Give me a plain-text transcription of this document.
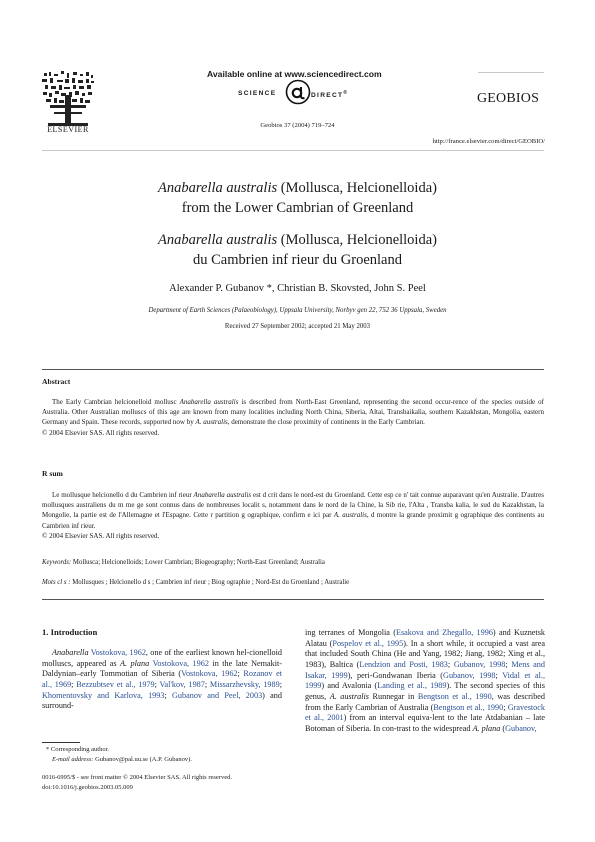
ELSEVIER
Available online at www.sciencedirect.com
SCIENCE	DIRECT®
Geobios 37 (2004) 719–724
GEOBIOS
http://france.elsevier.com/direct/GEOBIO/
Anabarella australis (Mollusca, Helcionelloida)
from the Lower Cambrian of Greenland
Anabarella australis (Mollusca, Helcionelloida)
du Cambrien inf rieur du Groenland
Alexander P. Gubanov *, Christian B. Skovsted, John S. Peel
Department of Earth Sciences (Palaeobiology), Uppsala University, Norbyv gen 22, 752 36 Uppsala, Sweden
Received 27 September 2002; accepted 21 May 2003
Abstract
The Early Cambrian helcionelloid mollusc Anabarella australis is described from North-East Greenland, representing the second occur-rence of the species outside of Australia. Other Australian molluscs of this age are known from many localities including North China, Siberia, Altai, Transbaikalia, southern Kazakhstan, Mongolia, eastern Germany and Spain. These records, supported now by A. australis, demonstrate the close proximity of continents in the Early Cambrian.
© 2004 Elsevier SAS. All rights reserved.
R sum
Le mollusque helcionello d du Cambrien inf rieur Anabarella australis est d crit dans le nord-est du Groenland. Cette esp ce n' tait connue auparavant qu'en Australie. D'autres mollusques australiens du m me ge sont connus dans de nombreuses localit s, notamment dans le nord de la Chine, la Sib rie, l'Alta , Transba kalia, le sud du Kazakhstan, la Mongolie, la partie est de l'Allemagne et l'Espagne. Cette r partition g ographique, confirm e ici par A. australis, d montre la grande proximit g ographique des continents au Cambrien inf rieur.
© 2004 Elsevier SAS. All rights reserved.
Keywords: Mollusca; Helcionelloids; Lower Cambrian; Biogeography; North-East Greenland; Australia
Mots cl s : Mollusques ; Helcionello d s ; Cambrien inf rieur ; Biog ographie ; Nord-Est du Groenland ; Australie
1. Introduction
Anabarella Vostokova, 1962, one of the earliest known hel-cionelloid molluscs, appeared as A. plana Vostokova, 1962 in the late Nemakit-Daldynian–early Tommotian of Siberia (Vostokova, 1962; Rozanov et al., 1969; Bezzubtsev et al., 1979; Val'kov, 1987; Missarzhevsky, 1989; Khomentovsky and Karlova, 1993; Gubanov and Peel, 2003) and surround-
ing terranes of Mongolia (Esakova and Zhegallo, 1996) and Kuznetsk Alatau (Pospelov et al., 1995). In a short while, it occupied a vast area that included South China (He and Yang, 1982; Jiang, 1982; Xing et al., 1983), Baltica (Lendzion and Posti, 1983; Gubanov, 1998; Mens and Isakar, 1999), peri-Gondwanan Iberia (Gubanov, 1998; Vidal et al., 1999) and Avalonia (Landing et al., 1989). The second species of this genus, A. australis Runnegar in Bengtson et al., 1990, was described from the Early Cambrian of Australia (Bengtson et al., 1990; Gravestock et al., 2001) from an interval equiva-lent to the late Atdabanian – late Botoman of Siberia. In con-trast to the widespread A. plana (Gubanov,
* Corresponding author.
E-mail address: Gubanov@pal.uu.se (A.P. Gubanov).
0016-6995/$ - see front matter © 2004 Elsevier SAS. All rights reserved.
doi:10.1016/j.geobios.2003.05.009
